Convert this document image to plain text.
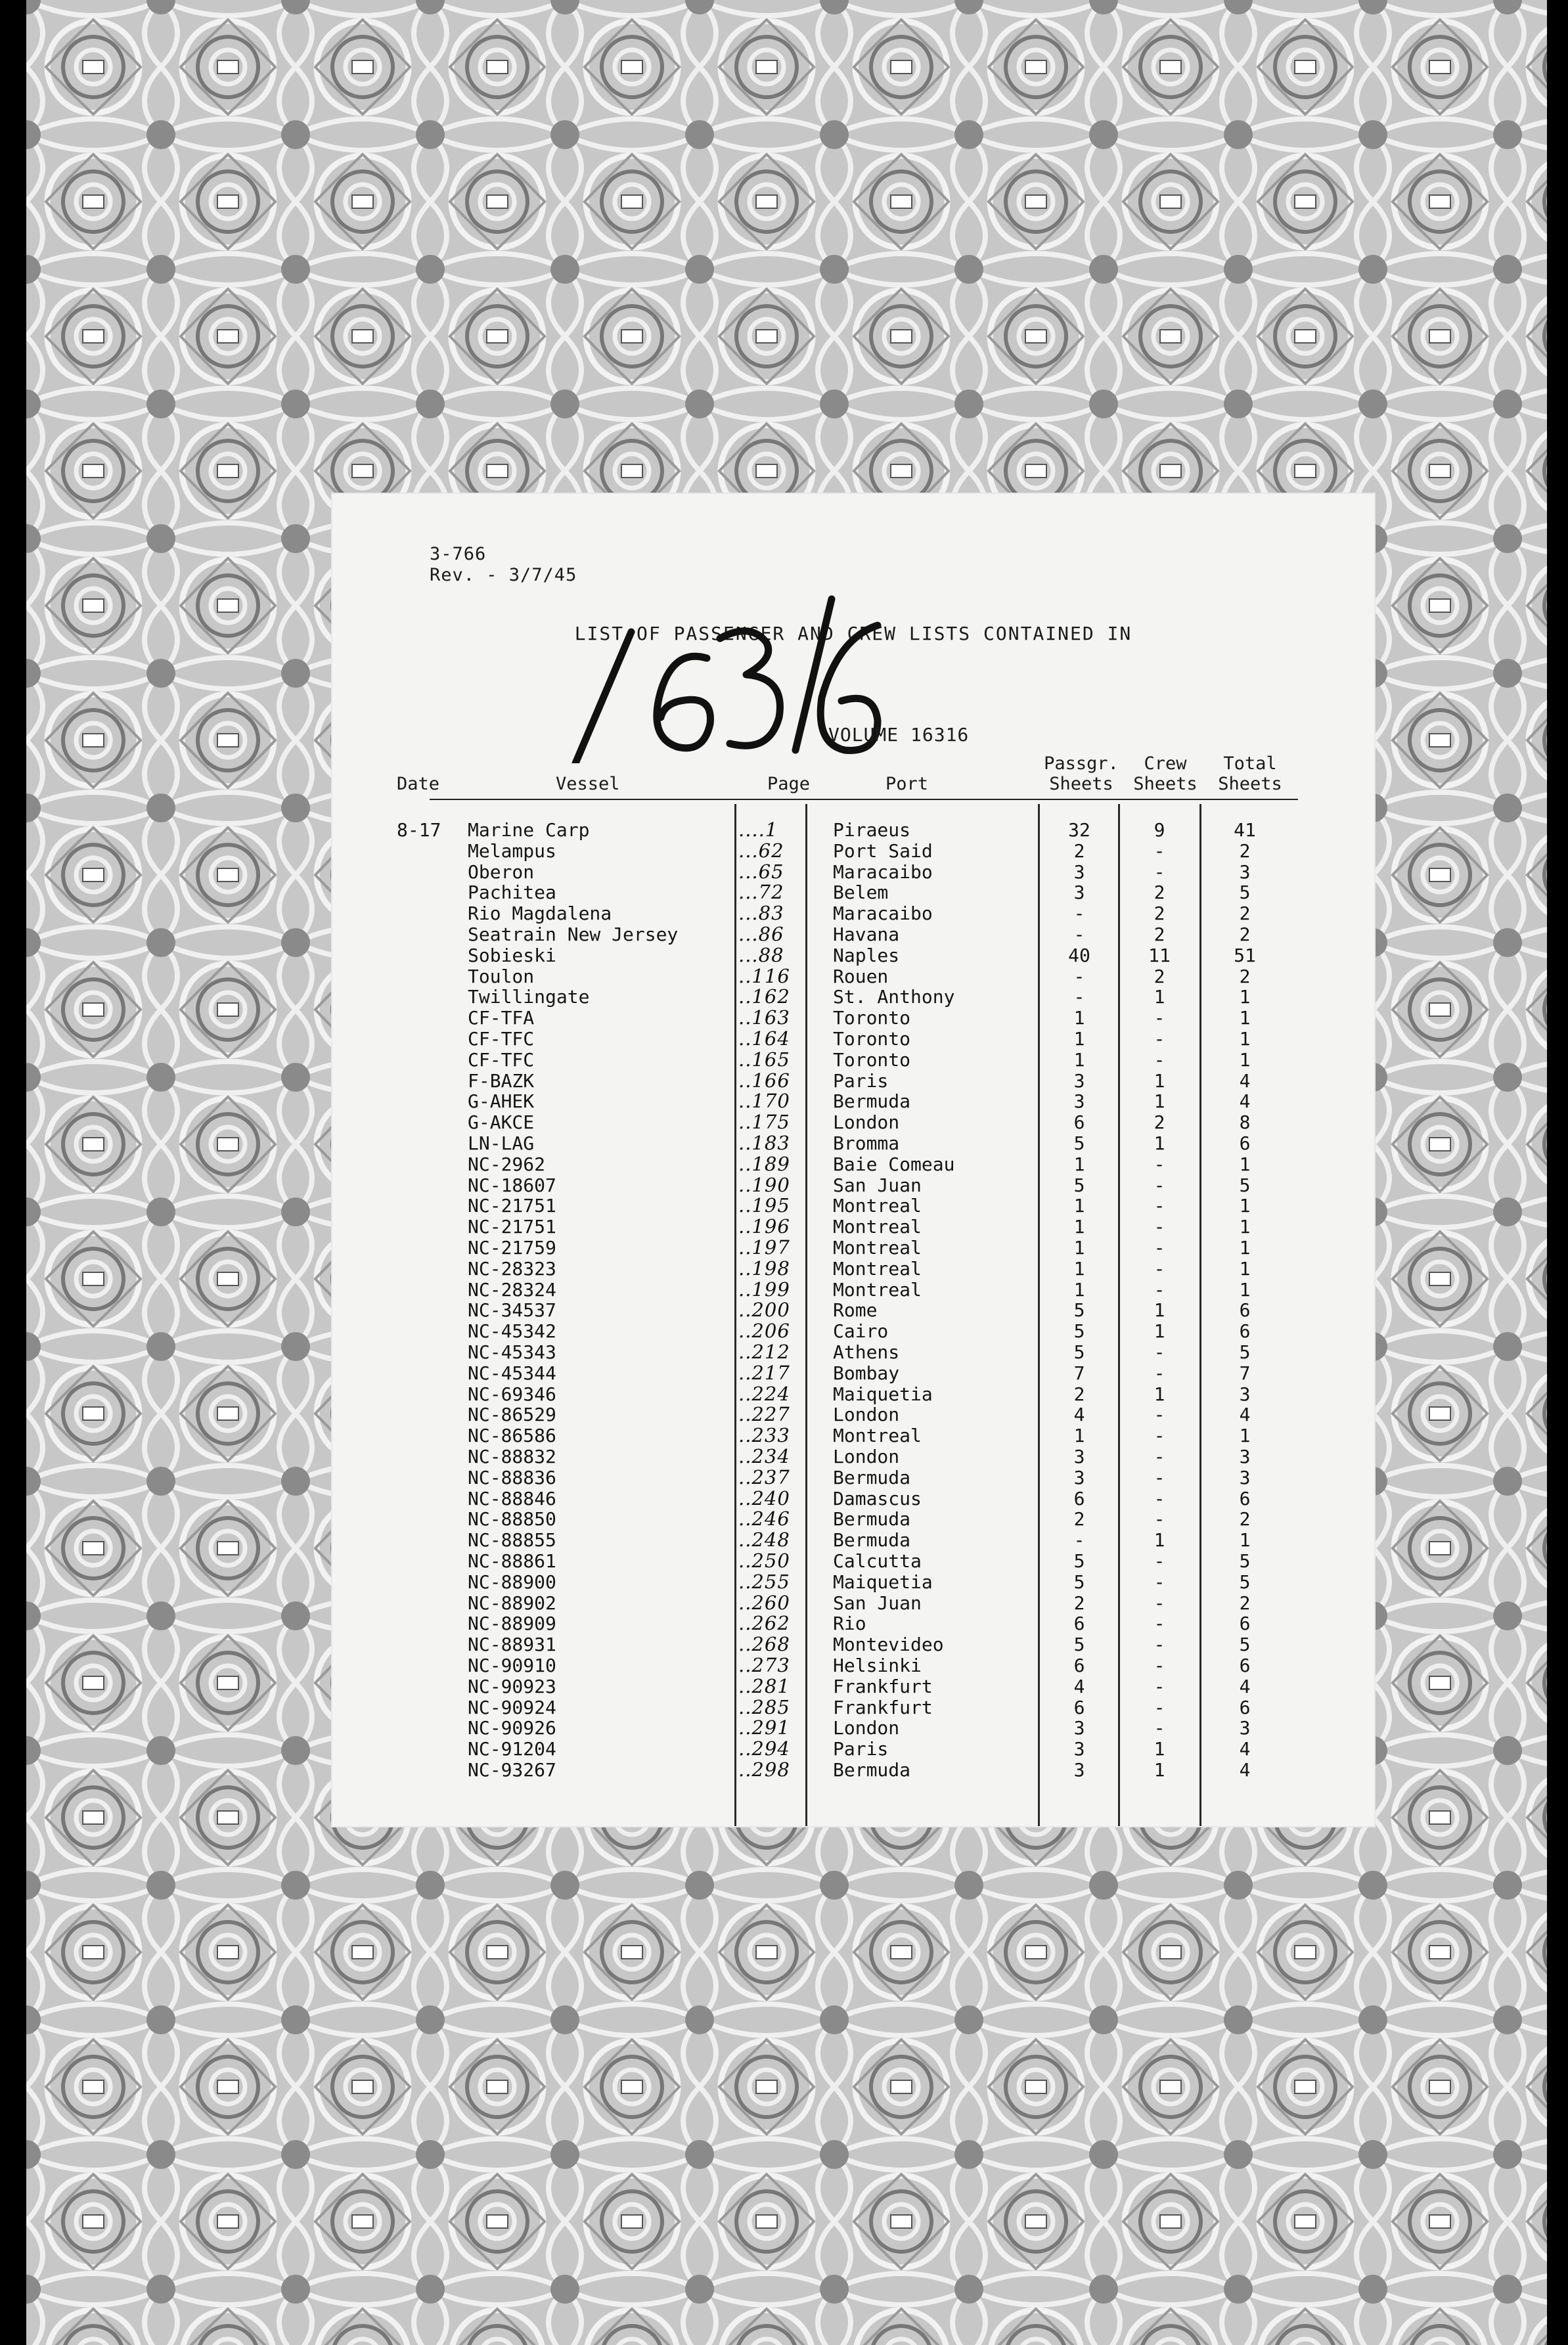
3-766
Rev. - 3/7/45
LIST OF PASSENGER AND CREW LISTS CONTAINED IN
VOLUME 16316
Date	Vessel	Page	Port
Passgr.
Sheets
Crew
Sheets
Total
Sheets
8-17 Marine Carp	....1	Piraeus	32	9	41
Melampus	...62	Port Said	2	-	2
Oberon	...65	Maracaibo	3	-	3
Pachitea	...72	Belem	3	2	5
Rio Magdalena	...83	Maracaibo	-	2	2
Seatrain New Jersey	...86	Havana	-	2	2
Sobieski	...88	Naples	40	11	51
Toulon	..116 Rouen	-	2	2
Twillingate	..162 St. Anthony	-	1	1
CF-TFA	..163 Toronto	1	-	1
CF-TFC	..164 Toronto	1	-	1
CF-TFC	..165 Toronto	1	-	1
F-BAZK	..166 Paris	3	1	4
G-AHEK	..170 Bermuda	3	1	4
G-AKCE	..175 London	6	2	8
LN-LAG	..183 Bromma	5	1	6
NC-2962	..189 Baie Comeau	1	-	1
NC-18607	..190 San Juan	5	-	5
NC-21751	..195 Montreal	1	-	1
NC-21751	..196 Montreal	1	-	1
NC-21759	..197 Montreal	1	-	1
NC-28323	..198 Montreal	1	-	1
NC-28324	..199 Montreal	1	-	1
NC-34537	..200 Rome	5	1	6
NC-45342	..206 Cairo	5	1	6
NC-45343	..212 Athens	5	-	5
NC-45344	..217 Bombay	7	-	7
NC-69346	..224 Maiquetia	2	1	3
NC-86529	..227 London	4	-	4
NC-86586	..233 Montreal	1	-	1
NC-88832	..234 London	3	-	3
NC-88836	..237 Bermuda	3	-	3
NC-88846	..240 Damascus	6	-	6
NC-88850	..246 Bermuda	2	-	2
NC-88855	..248 Bermuda	-	1	1
NC-88861	..250 Calcutta	5	-	5
NC-88900	..255 Maiquetia	5	-	5
NC-88902	..260 San Juan	2	-	2
NC-88909	..262 Rio	6	-	6
NC-88931	..268 Montevideo	5	-	5
NC-90910	..273 Helsinki	6	-	6
NC-90923	..281 Frankfurt	4	-	4
NC-90924	..285 Frankfurt	6	-	6
NC-90926	..291 London	3	-	3
NC-91204	..294 Paris	3	1	4
NC-93267	..298 Bermuda	3	1	4
